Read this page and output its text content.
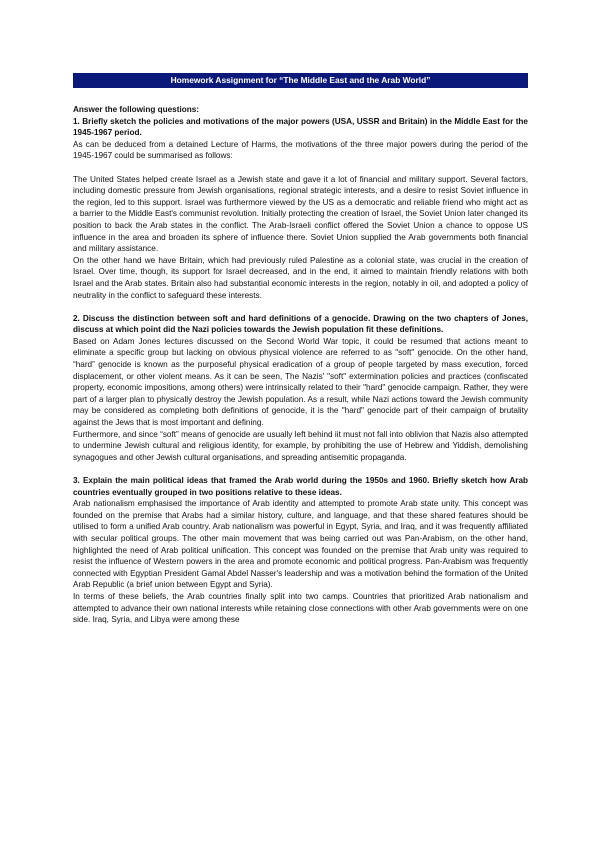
Homework Assignment for “The Middle East and the Arab World”

Answer the following questions:

1. Briefly sketch the policies and motivations of the major powers (USA, USSR and Britain) in the Middle East for the 1945-1967 period.

As can be deduced from a detained Lecture of Harms, the motivations of the three major powers during the period of the 1945-1967 could be summarised as follows:

The United States helped create Israel as a Jewish state and gave it a lot of financial and military support. Several factors, including domestic pressure from Jewish organisations, regional strategic interests, and a desire to resist Soviet influence in the region, led to this support. Israel was furthermore viewed by the US as a democratic and reliable friend who might act as a barrier to the Middle East's communist revolution. Initially protecting the creation of Israel, the Soviet Union later changed its position to back the Arab states in the conflict. The Arab-Israeli conflict offered the Soviet Union a chance to oppose US influence in the area and broaden its sphere of influence there. Soviet Union supplied the Arab governments both financial and military assistance.

On the other hand we have Britain, which had previously ruled Palestine as a colonial state, was crucial in the creation of Israel. Over time, though, its support for Israel decreased, and in the end, it aimed to maintain friendly relations with both Israel and the Arab states. Britain also had substantial economic interests in the region, notably in oil, and adopted a policy of neutrality in the conflict to safeguard these interests.

2. Discuss the distinction between soft and hard definitions of a genocide. Drawing on the two chapters of Jones, discuss at which point did the Nazi policies towards the Jewish population fit these definitions.

Based on Adam Jones lectures discussed on the Second World War topic, it could be resumed that actions meant to eliminate a specific group but lacking on obvious physical violence are referred to as "soft" genocide. On the other hand, “hard” genocide is known as the purposeful physical eradication of a group of people targeted by mass execution, forced displacement, or other violent means. As it can be seen, The Nazis' "soft" extermination policies and practices (confiscated property, economic impositions, among others) were intrinsically related to their "hard" genocide campaign. Rather, they were part of a larger plan to physically destroy the Jewish population. As a result, while Nazi actions toward the Jewish community may be considered as completing both definitions of genocide, it is the "hard" genocide part of their campaign of brutality against the Jews that is most important and defining.

Furthermore, and since “soft” means of genocide are usually left behind iit must not fall into oblivion that Nazis also attempted to undermine Jewish cultural and religious identity, for example, by prohibiting the use of Hebrew and Yiddish, demolishing synagogues and other Jewish cultural organisations, and spreading antisemitic propaganda.

3. Explain the main political ideas that framed the Arab world during the 1950s and 1960. Briefly sketch how Arab countries eventually grouped in two positions relative to these ideas.

Arab nationalism emphasised the importance of Arab identity and attempted to promote Arab state unity. This concept was founded on the premise that Arabs had a similar history, culture, and language, and that these shared features should be utilised to form a unified Arab country. Arab nationalism was powerful in Egypt, Syria, and Iraq, and it was frequently affiliated with secular political groups. The other main movement that was being carried out was Pan-Arabism, on the other hand, highlighted the need of Arab political unification. This concept was founded on the premise that Arab unity was required to resist the influence of Western powers in the area and promote economic and political progress. Pan-Arabism was frequently connected with Egyptian President Gamal Abdel Nasser's leadership and was a motivation behind the formation of the United Arab Republic (a brief union between Egypt and Syria).

In terms of these beliefs, the Arab countries finally split into two camps. Countries that prioritized Arab nationalism and attempted to advance their own national interests while retaining close connections with other Arab governments were on one side. Iraq, Syria, and Libya were among these
